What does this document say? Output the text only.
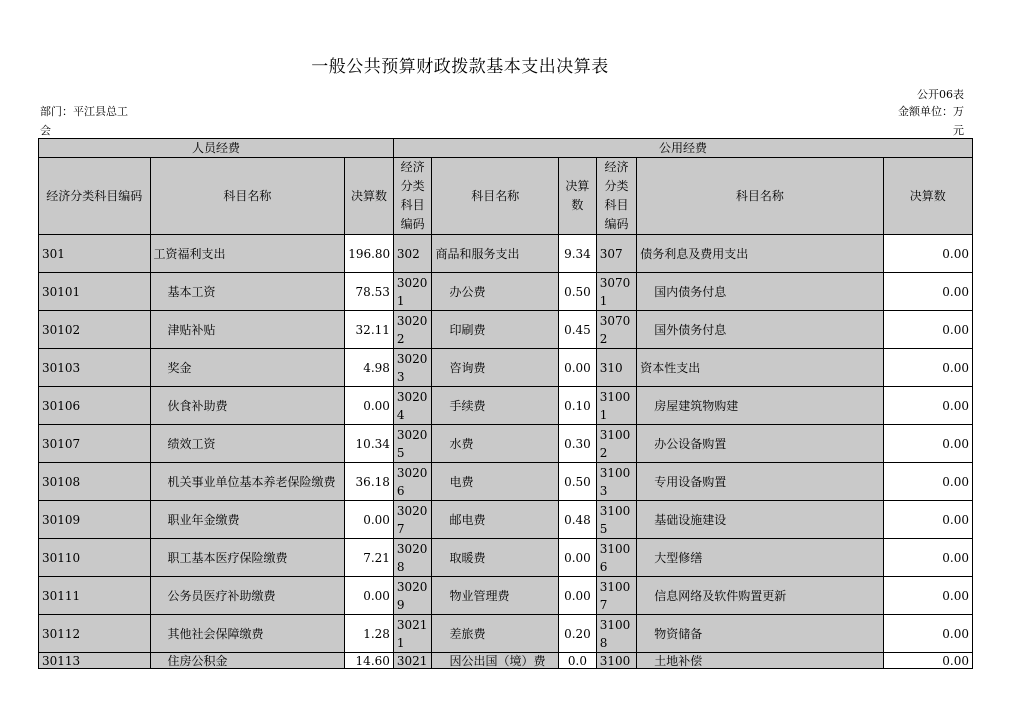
一般公共预算财政拨款基本支出决算表
公开06表
部门：平江县总工
会
金额单位：万
元
人员经费			公用经费					
经济分类科目编码	科目名称	决算数	经济分类科目编码	科目名称	决算数	经济分类科目编码	科目名称	决算数
301	工资福利支出	196.80	302	商品和服务支出	9.34	307	债务利息及费用支出	0.00
30101	基本工资	78.53	30201	办公费	0.50	30701	国内债务付息	0.00
30102	津贴补贴	32.11	30202	印刷费	0.45	30702	国外债务付息	0.00
30103	奖金	4.98	30203	咨询费	0.00	310	资本性支出	0.00
30106	伙食补助费	0.00	30204	手续费	0.10	31001	房屋建筑物购建	0.00
30107	绩效工资	10.34	30205	水费	0.30	31002	办公设备购置	0.00
30108	机关事业单位基本养老保险缴费	36.18	30206	电费	0.50	31003	专用设备购置	0.00
30109	职业年金缴费	0.00	30207	邮电费	0.48	31005	基础设施建设	0.00
30110	职工基本医疗保险缴费	7.21	30208	取暖费	0.00	31006	大型修缮	0.00
30111	公务员医疗补助缴费	0.00	30209	物业管理费	0.00	31007	信息网络及软件购置更新	0.00
30112	其他社会保障缴费	1.28	30211	差旅费	0.20	31008	物资储备	0.00
30113	住房公积金	14.60	3021	因公出国（境）费	0.0	3100	土地补偿	0.00
